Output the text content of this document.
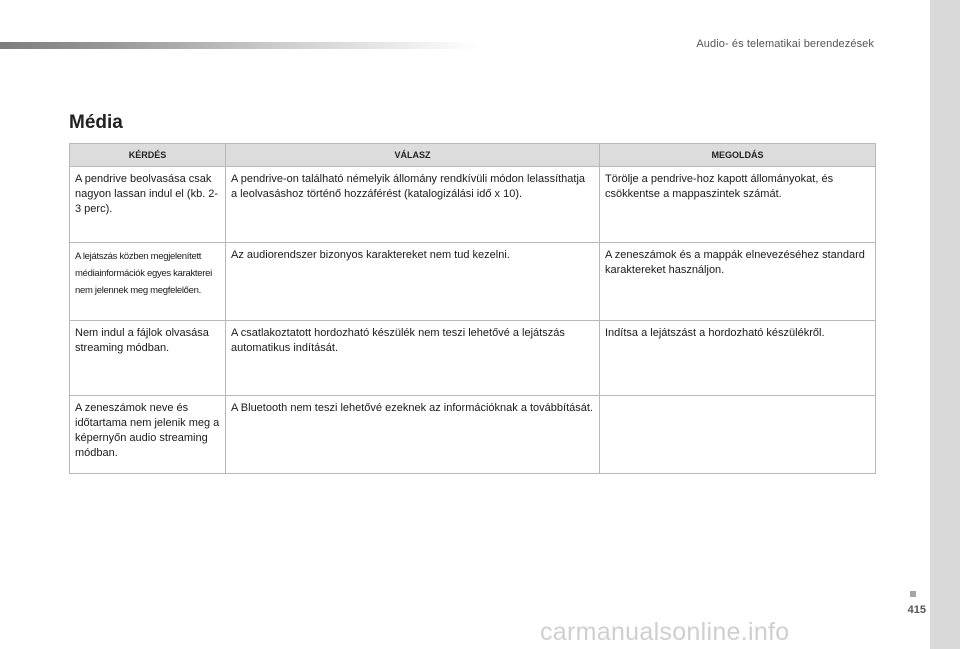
Audio- és telematikai berendezések
Média
KÉRDÉS	VÁLASZ	MEGOLDÁS
A pendrive beolvasása csak nagyon lassan indul el (kb. 2-3 perc).	A pendrive-on található némelyik állomány rendkívüli módon lelassíthatja a leolvasáshoz történő hozzáférést (katalogizálási idő x 10).	Törölje a pendrive-hoz kapott állományokat, és csökkentse a mappaszintek számát.
A lejátszás közben megjelenített médiainformációk egyes karakterei nem jelennek meg megfelelően.	Az audiorendszer bizonyos karaktereket nem tud kezelni.	A zeneszámok és a mappák elnevezéséhez standard karaktereket használjon.
Nem indul a fájlok olvasása streaming módban.	A csatlakoztatott hordozható készülék nem teszi lehetővé a lejátszás automatikus indítását.	Indítsa a lejátszást a hordozható készülékről.
A zeneszámok neve és időtartama nem jelenik meg a képernyőn audio streaming módban.	A Bluetooth nem teszi lehetővé ezeknek az információknak a továbbítását.	
415
carmanualsonline.info
